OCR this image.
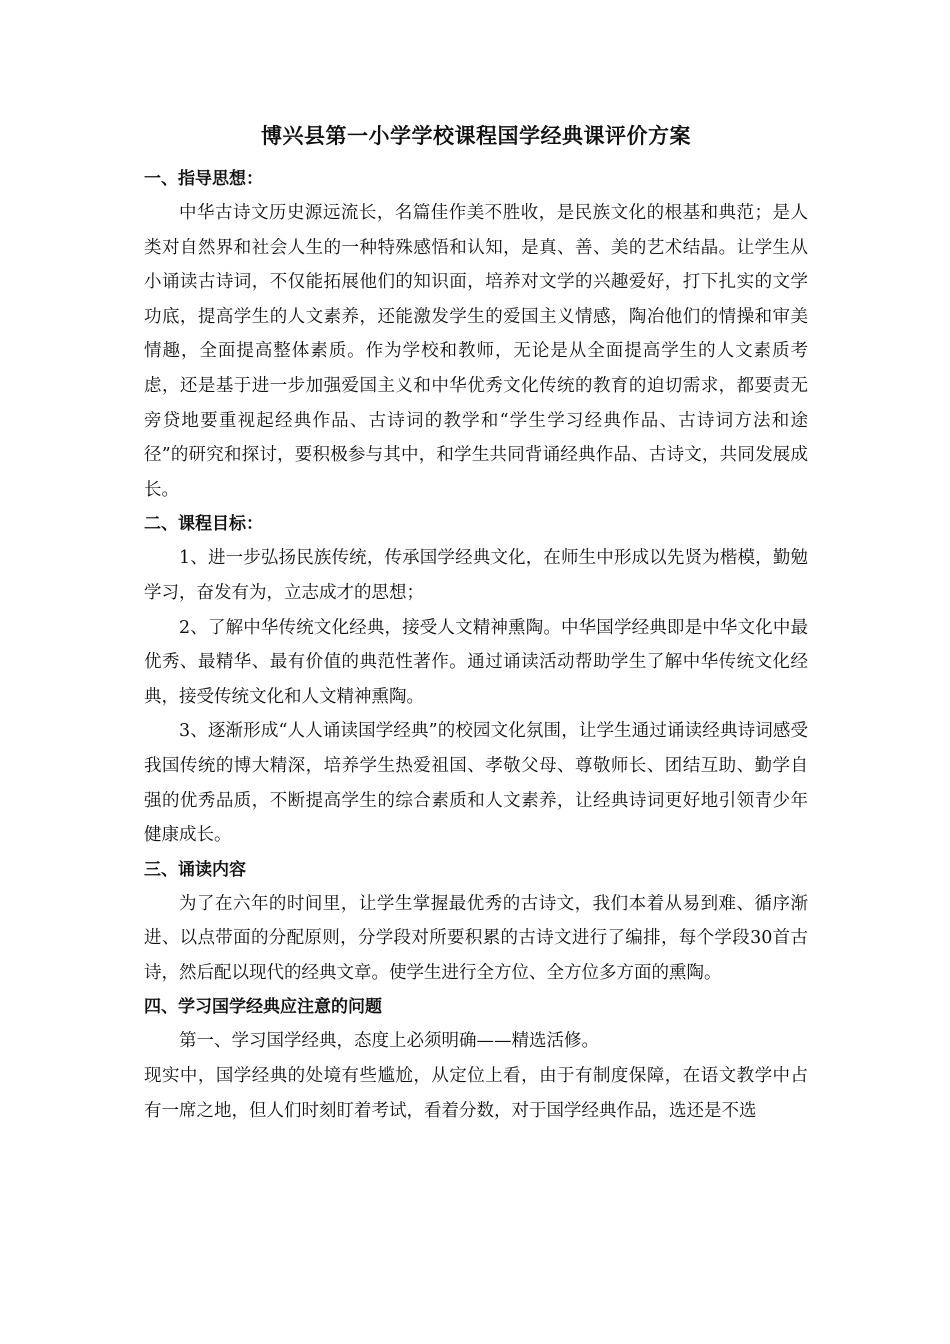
博兴县第一小学学校课程国学经典课评价方案
一、指导思想：

中华古诗文历史源远流长，名篇佳作美不胜收，是民族文化的根基和典范；是人类对自然界和社会人生的一种特殊感悟和认知，是真、善、美的艺术结晶。让学生从小诵读古诗词，不仅能拓展他们的知识面，培养对文学的兴趣爱好，打下扎实的文学功底，提高学生的人文素养，还能激发学生的爱国主义情感，陶冶他们的情操和审美情趣，全面提高整体素质。作为学校和教师，无论是从全面提高学生的人文素质考虑，还是基于进一步加强爱国主义和中华优秀文化传统的教育的迫切需求，都要责无旁贷地要重视起经典作品、古诗词的教学和“学生学习经典作品、古诗词方法和途径”的研究和探讨，要积极参与其中，和学生共同背诵经典作品、古诗文，共同发展成长。

二、课程目标：

1、进一步弘扬民族传统，传承国学经典文化，在师生中形成以先贤为楷模，勤勉学习，奋发有为，立志成才的思想；

2、了解中华传统文化经典，接受人文精神熏陶。中华国学经典即是中华文化中最优秀、最精华、最有价值的典范性著作。通过诵读活动帮助学生了解中华传统文化经典，接受传统文化和人文精神熏陶。

3、逐渐形成“人人诵读国学经典”的校园文化氛围，让学生通过诵读经典诗词感受我国传统的博大精深，培养学生热爱祖国、孝敬父母、尊敬师长、团结互助、勤学自强的优秀品质，不断提高学生的综合素质和人文素养，让经典诗词更好地引领青少年健康成长。

三、诵读内容

为了在六年的时间里，让学生掌握最优秀的古诗文，我们本着从易到难、循序渐进、以点带面的分配原则，分学段对所要积累的古诗文进行了编排，每个学段30首古诗，然后配以现代的经典文章。使学生进行全方位、全方位多方面的熏陶。

四、学习国学经典应注意的问题

第一、学习国学经典，态度上必须明确——精选活修。

现实中，国学经典的处境有些尴尬，从定位上看，由于有制度保障，在语文教学中占有一席之地，但人们时刻盯着考试，看着分数，对于国学经典作品，选还是不选
